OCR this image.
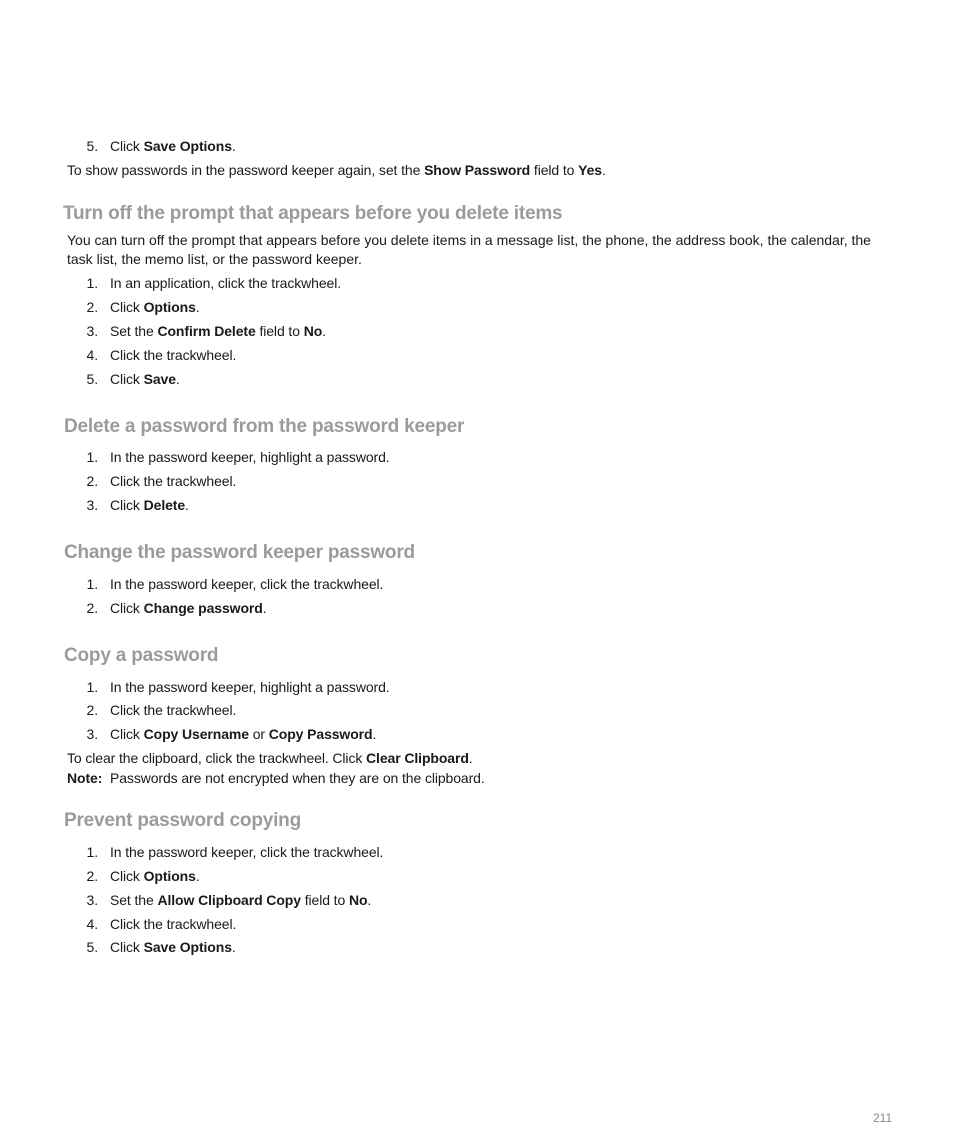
5. Click Save Options.
To show passwords in the password keeper again, set the Show Password field to Yes.
Turn off the prompt that appears before you delete items
You can turn off the prompt that appears before you delete items in a message list, the phone, the address book, the calendar, the task list, the memo list, or the password keeper.
1. In an application, click the trackwheel.
2. Click Options.
3. Set the Confirm Delete field to No.
4. Click the trackwheel.
5. Click Save.
Delete a password from the password keeper
1. In the password keeper, highlight a password.
2. Click the trackwheel.
3. Click Delete.
Change the password keeper password
1. In the password keeper, click the trackwheel.
2. Click Change password.
Copy a password
1. In the password keeper, highlight a password.
2. Click the trackwheel.
3. Click Copy Username or Copy Password.
To clear the clipboard, click the trackwheel. Click Clear Clipboard.
Note: Passwords are not encrypted when they are on the clipboard.
Prevent password copying
1. In the password keeper, click the trackwheel.
2. Click Options.
3. Set the Allow Clipboard Copy field to No.
4. Click the trackwheel.
5. Click Save Options.
211
